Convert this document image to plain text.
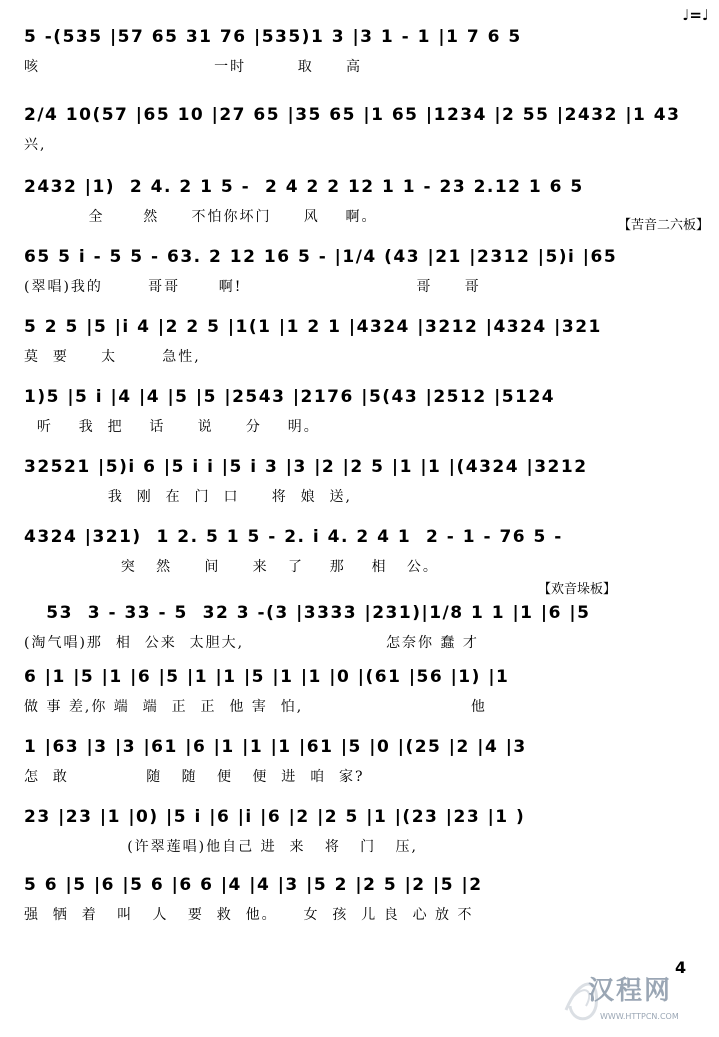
♩=♩
5 -(535 |57 65 31 76 |535)1 3 |3 1 - 1 |1 7 6 5
咳                           一时        取     高
2/4 10(57 |65 10 |27 65 |35 65 |1 65 |1234 |2 55 |2432 |1 43
兴,
2432 |1)  2 4. 2 1 5 -  2 4 2 2 12 1 1 - 23 2.12 1 6 5
全      然     不怕你坏门     风    啊。
【苦音二六板】
65 5 i - 5 5 - 63. 2 12 16 5 - |1/4 (43 |21 |2312 |5)i |65
(翠唱)我的       哥哥      啊!                           哥     哥
5 2 5 |5 |i 4 |2 2 5 |1(1 |1 2 1 |4324 |3212 |4324 |321
莫  要     太       急性,
1)5 |5 i |4 |4 |5 |5 |2543 |2176 |5(43 |2512 |5124
听    我  把    话     说     分    明。
32521 |5)i 6 |5 i i |5 i 3 |3 |2 |2 5 |1 |1 |(4324 |3212
我  刚  在  门  口     将  娘  送,
4324 |321)  1 2. 5 1 5 - 2. i 4. 2 4 1  2 - 1 - 76 5 -
突   然     间     来   了    那    相   公。
【欢音垛板】
53  3 - 33 - 5  32 3 -(3 |3333 |231)|1/8 1 1 |1 |6 |5
(淘气唱)那  相  公来  太胆大,                      怎奈你 蠢 才
6 |1 |5 |1 |6 |5 |1 |1 |5 |1 |1 |0 |(61 |56 |1) |1
做 事 差,你 端  端  正  正  他 害  怕,                          他
1 |63 |3 |3 |61 |6 |1 |1 |1 |61 |5 |0 |(25 |2 |4 |3
怎  敢            随   随   便   便  进  咱  家?
23 |23 |1 |0) |5 i |6 |i |6 |2 |2 5 |1 |(23 |23 |1 )
(许翠莲唱)他自己 进  来   将   门   压,
5 6 |5 |6 |5 6 |6 6 |4 |4 |3 |5 2 |2 5 |2 |5 |2
强  牺  着   叫   人   要  救  他。    女  孩  儿 良  心 放 不
4
汉程网
WWW.HTTPCN.COM
